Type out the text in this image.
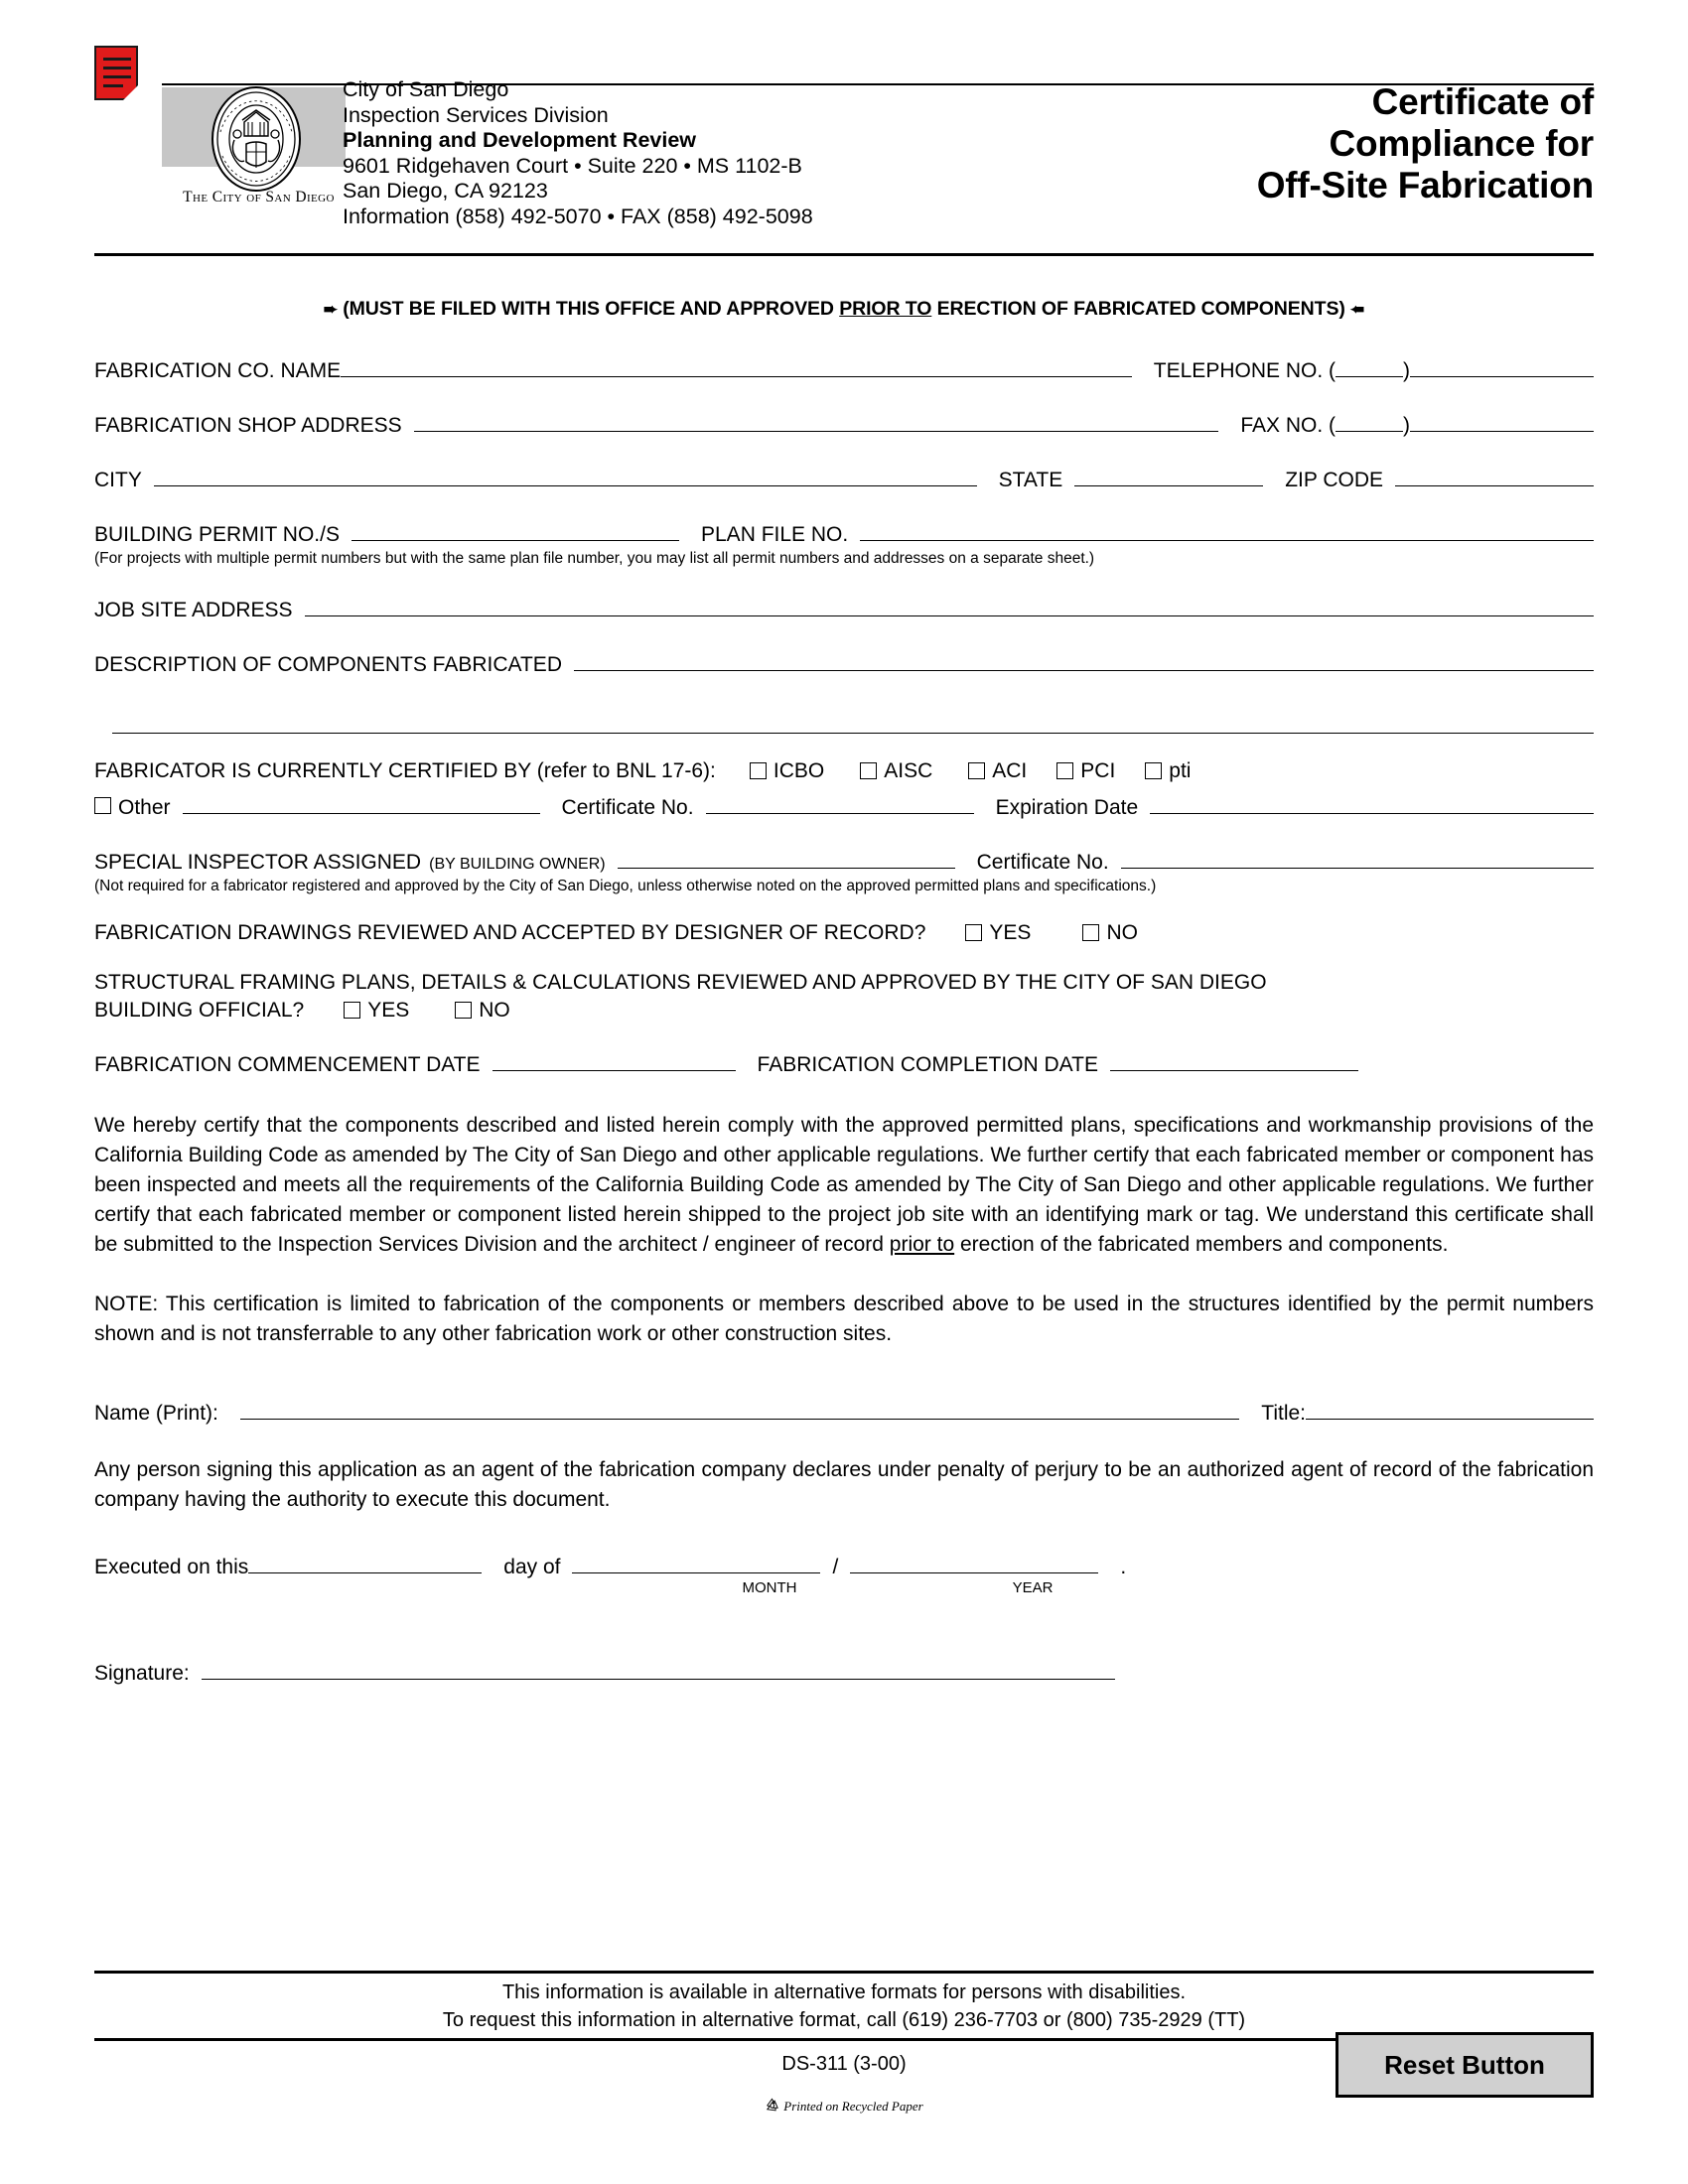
The City of San Diego
City of San Diego
Inspection Services Division
Planning and Development Review
9601 Ridgehaven Court • Suite 220 • MS 1102-B
San Diego, CA 92123
Information (858) 492-5070 • FAX (858) 492-5098
Certificate of
Compliance for
Off-Site Fabrication
➨ (MUST BE FILED WITH THIS OFFICE AND APPROVED PRIOR TO ERECTION OF FABRICATED COMPONENTS) ➨
FABRICATION CO. NAME	TELEPHONE NO. (	)
FABRICATION SHOP ADDRESS	FAX NO. (	)
CITY	STATE	ZIP CODE
BUILDING PERMIT NO./S	PLAN FILE NO.
(For projects with multiple permit numbers but with the same plan file number, you may list all permit numbers and addresses on a separate sheet.)
JOB SITE ADDRESS
DESCRIPTION OF COMPONENTS FABRICATED
FABRICATOR IS CURRENTLY CERTIFIED BY (refer to BNL 17-6):	ICBO	AISC	ACI	PCI	pti
Other	Certificate No.	Expiration Date
SPECIAL INSPECTOR ASSIGNED (BY BUILDING OWNER)	Certificate No.
(Not required for a fabricator registered and approved by the City of San Diego, unless otherwise noted on the approved permitted plans and specifications.)
FABRICATION DRAWINGS REVIEWED AND ACCEPTED BY DESIGNER OF RECORD?	YES	NO
STRUCTURAL FRAMING PLANS, DETAILS & CALCULATIONS REVIEWED AND APPROVED BY THE CITY OF SAN DIEGO
BUILDING OFFICIAL?	YES	NO
FABRICATION COMMENCEMENT DATE	FABRICATION COMPLETION DATE
We hereby certify that the components described and listed herein comply with the approved permitted plans, specifications and workmanship provisions of the California Building Code as amended by The City of San Diego and other applicable regulations. We further certify that each fabricated member or component has been inspected and meets all the requirements of the California Building Code as amended by The City of San Diego and other applicable regulations. We further certify that each fabricated member or component listed herein shipped to the project job site with an identifying mark or tag. We understand this certificate shall be submitted to the Inspection Services Division and the architect / engineer of record prior to erection of the fabricated members and components.
NOTE: This certification is limited to fabrication of the components or members described above to be used in the structures identified by the permit numbers shown and is not transferrable to any other fabrication work or other construction sites.
Name (Print):	Title:
Any person signing this application as an agent of the fabrication company declares under penalty of perjury to be an authorized agent of record of the fabrication company having the authority to execute this document.
Executed on this	day of	/	.
MONTH	YEAR
Signature:
This information is available in alternative formats for persons with disabilities.
To request this information in alternative format, call (619) 236-7703 or (800) 735-2929 (TT)
DS-311 (3-00)
Printed on Recycled Paper
Reset Button
